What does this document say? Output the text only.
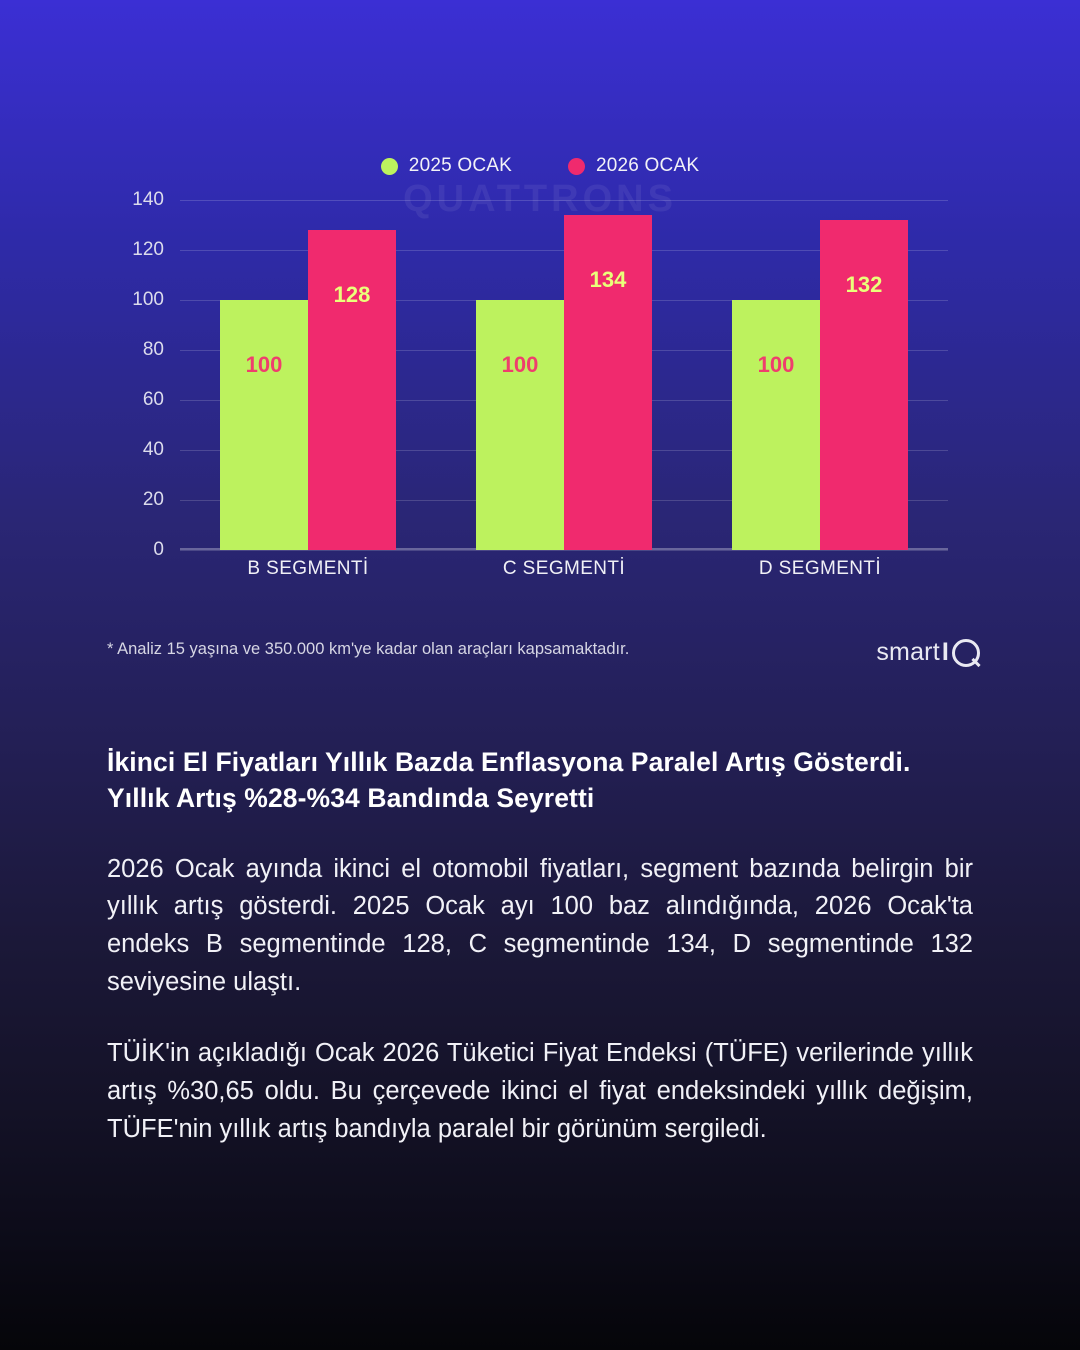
2025 OCAK	2026 OCAK
QUATTRONS
0
20
40
60
80
100
120
140
100
128
100
134
100
132
B SEGMENTİ	C SEGMENTİ	D SEGMENTİ
* Analiz 15 yaşına ve 350.000 km'ye kadar olan araçları kapsamaktadır.	smart I
İkinci El Fiyatları Yıllık Bazda Enflasyona Paralel Artış Gösterdi. Yıllık Artış %28-%34 Bandında Seyretti

2026 Ocak ayında ikinci el otomobil fiyatları, segment bazında belirgin bir yıllık artış gösterdi. 2025 Ocak ayı 100 baz alındığında, 2026 Ocak'ta endeks B segmentinde 128, C segmentinde 134, D segmentinde 132 seviyesine ulaştı.

TÜİK'in açıkladığı Ocak 2026 Tüketici Fiyat Endeksi (TÜFE) verilerinde yıllık artış %30,65 oldu. Bu çerçevede ikinci el fiyat endeksindeki yıllık değişim, TÜFE'nin yıllık artış bandıyla paralel bir görünüm sergiledi.
